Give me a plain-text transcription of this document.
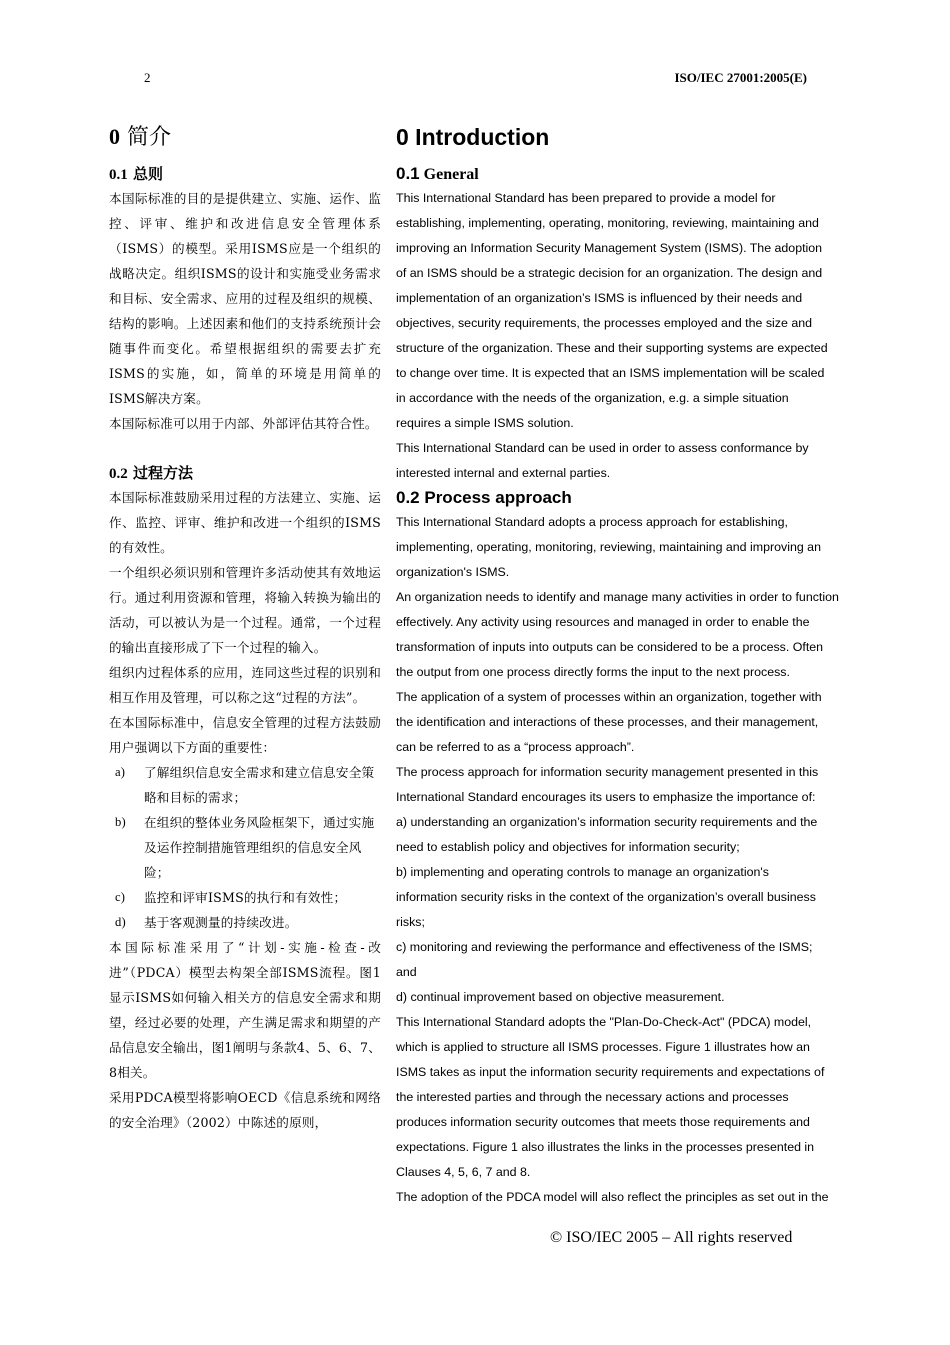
2	ISO/IEC 27001:2005(E)
0 简介
0.1 总则

本国际标准的目的是提供建立、实施、运作、监控、评审、维护和改进信息安全管理体系（ISMS）的模型。采用ISMS应是一个组织的战略决定。组织ISMS的设计和实施受业务需求和目标、安全需求、应用的过程及组织的规模、结构的影响。上述因素和他们的支持系统预计会随事件而变化。希望根据组织的需要去扩充ISMS的实施，如，简单的环境是用简单的ISMS解决方案。

本国际标准可以用于内部、外部评估其符合性。

0.2 过程方法

本国际标准鼓励采用过程的方法建立、实施、运作、监控、评审、维护和改进一个组织的ISMS的有效性。

一个组织必须识别和管理许多活动使其有效地运行。通过利用资源和管理，将输入转换为输出的活动，可以被认为是一个过程。通常，一个过程的输出直接形成了下一个过程的输入。

组织内过程体系的应用，连同这些过程的识别和相互作用及管理，可以称之这“过程的方法”。

在本国际标准中，信息安全管理的过程方法鼓励用户强调以下方面的重要性：

a) 了解组织信息安全需求和建立信息安全策略和目标的需求；
b) 在组织的整体业务风险框架下，通过实施及运作控制措施管理组织的信息安全风险；
c) 监控和评审ISMS的执行和有效性；
d) 基于客观测量的持续改进。

本国际标准采用了“计划-实施-检查-改进”（PDCA）模型去构架全部ISMS流程。图1显示ISMS如何输入相关方的信息安全需求和期望，经过必要的处理，产生满足需求和期望的产品信息安全输出，图1阐明与条款4、5、6、7、8相关。

采用PDCA模型将影响OECD《信息系统和网络的安全治理》（2002）中陈述的原则，

0 Introduction
0.1 General

This International Standard has been prepared to provide a model for

establishing, implementing, operating, monitoring, reviewing, maintaining and

improving an Information Security Management System (ISMS). The adoption

of an ISMS should be a strategic decision for an organization. The design and

implementation of an organization’s ISMS is influenced by their needs and

objectives, security requirements, the processes employed and the size and

structure of the organization. These and their supporting systems are expected

to change over time. It is expected that an ISMS implementation will be scaled

in accordance with the needs of the organization, e.g. a simple situation

requires a simple ISMS solution.

This International Standard can be used in order to assess conformance by

interested internal and external parties.

0.2 Process approach

This International Standard adopts a process approach for establishing,

implementing, operating, monitoring, reviewing, maintaining and improving an

organization's ISMS.

An organization needs to identify and manage many activities in order to function

effectively. Any activity using resources and managed in order to enable the

transformation of inputs into outputs can be considered to be a process. Often

the output from one process directly forms the input to the next process.

The application of a system of processes within an organization, together with

the identification and interactions of these processes, and their management,

can be referred to as a “process approach”.

The process approach for information security management presented in this

International Standard encourages its users to emphasize the importance of:

a) understanding an organization’s information security requirements and the

need to establish policy and objectives for information security;

b) implementing and operating controls to manage an organization's

information security risks in the context of the organization’s overall business

risks;

c) monitoring and reviewing the performance and effectiveness of the ISMS;

and

d) continual improvement based on objective measurement.

This International Standard adopts the "Plan-Do-Check-Act" (PDCA) model,

which is applied to structure all ISMS processes. Figure 1 illustrates how an

ISMS takes as input the information security requirements and expectations of

the interested parties and through the necessary actions and processes

produces information security outcomes that meets those requirements and

expectations. Figure 1 also illustrates the links in the processes presented in

Clauses 4, 5, 6, 7 and 8.

The adoption of the PDCA model will also reflect the principles as set out in the

© ISO/IEC 2005 – All rights reserved
